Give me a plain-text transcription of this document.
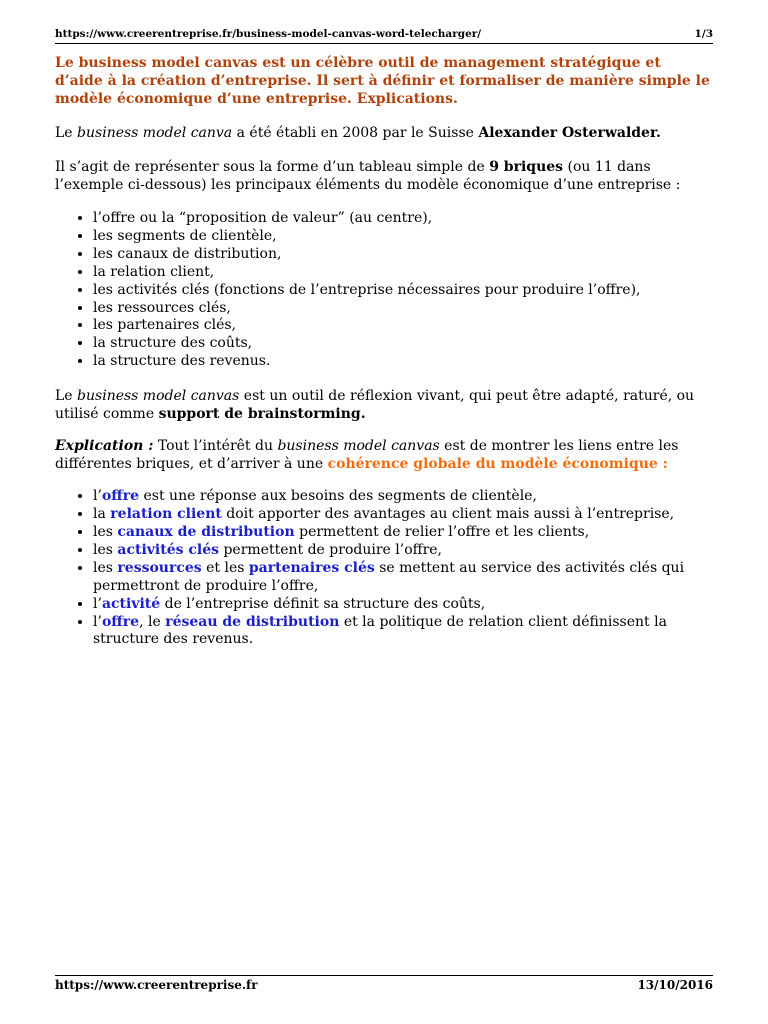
https://www.creerentreprise.fr/business-model-canvas-word-telecharger/	1/3

Le business model canvas est un célèbre outil de management stratégique et d’aide à la création d’entreprise. Il sert à définir et formaliser de manière simple le modèle économique d’une entreprise. Explications.

Le business model canva a été établi en 2008 par le Suisse Alexander Osterwalder.

Il s’agit de représenter sous la forme d’un tableau simple de 9 briques (ou 11 dans l’exemple ci-dessous) les principaux éléments du modèle économique d’une entreprise :

• l’offre ou la “proposition de valeur” (au centre),
• les segments de clientèle,
• les canaux de distribution,
• la relation client,
• les activités clés (fonctions de l’entreprise nécessaires pour produire l’offre),
• les ressources clés,
• les partenaires clés,
• la structure des coûts,
• la structure des revenus.

Le business model canvas est un outil de réflexion vivant, qui peut être adapté, raturé, ou utilisé comme support de brainstorming.

Explication : Tout l’intérêt du business model canvas est de montrer les liens entre les différentes briques, et d’arriver à une cohérence globale du modèle économique :

• l’offre est une réponse aux besoins des segments de clientèle,
• la relation client doit apporter des avantages au client mais aussi à l’entreprise,
• les canaux de distribution permettent de relier l’offre et les clients,
• les activités clés permettent de produire l’offre,
• les ressources et les partenaires clés se mettent au service des activités clés qui permettront de produire l’offre,
• l’activité de l’entreprise définit sa structure des coûts,
• l’offre, le réseau de distribution et la politique de relation client définissent la structure des revenus.
https://www.creerentreprise.fr	13/10/2016
